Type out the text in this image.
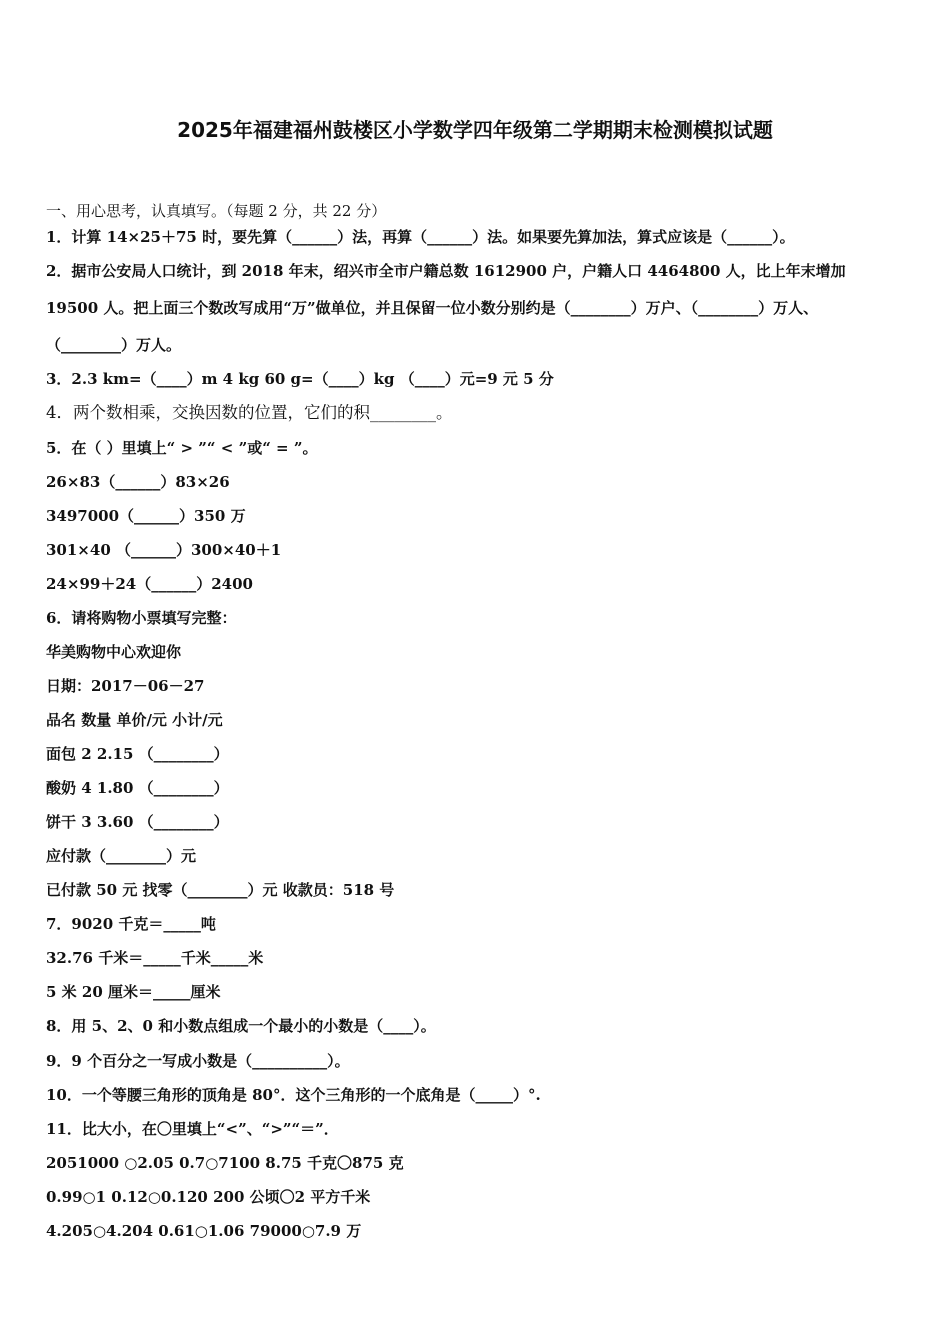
2025年福建福州鼓楼区小学数学四年级第二学期期末检测模拟试题
一、用心思考，认真填写。（每题 2 分，共 22 分）
1．计算 14×25＋75 时，要先算（______）法，再算（______）法。如果要先算加法，算式应该是（______）。
2．据市公安局人口统计，到 2018 年末，绍兴市全市户籍总数 1612900 户，户籍人口 4464800 人，比上年末增加
19500 人。把上面三个数改写成用“万”做单位，并且保留一位小数分别约是（________）万户、（________）万人、
（________）万人。
3．2.3 km=（____）m 4 kg 60 g=（____）kg （____）元=9 元 5 分
4．两个数相乘，交换因数的位置，它们的积________。
5．在（ ）里填上“ > ”“ < ”或“ = ”。
26×83（______）83×26
3497000（______）350 万
301×40 （______）300×40＋1
24×99＋24（______）2400
6．请将购物小票填写完整：
华美购物中心欢迎你
日期：2017－06－27
品名 数量 单价/元 小计/元
面包 2 2.15 （________）
酸奶 4 1.80 （________）
饼干 3 3.60 （________）
应付款（________）元
已付款 50 元 找零（________）元 收款员：518 号
7．9020 千克＝_____吨
32.76 千米＝_____千米_____米
5 米 20 厘米＝_____厘米
8．用 5、2、0 和小数点组成一个最小的小数是（____）。
9．9 个百分之一写成小数是（__________）。
10．一个等腰三角形的顶角是 80°．这个三角形的一个底角是（_____）°.
11．比大小，在〇里填上“<”、“>”“＝”．
2051000 ○2.05 0.7○7100 8.75 千克〇875 克
0.99○1 0.12○0.120 200 公顷〇2 平方千米
4.205○4.204 0.61○1.06 79000○7.9 万
